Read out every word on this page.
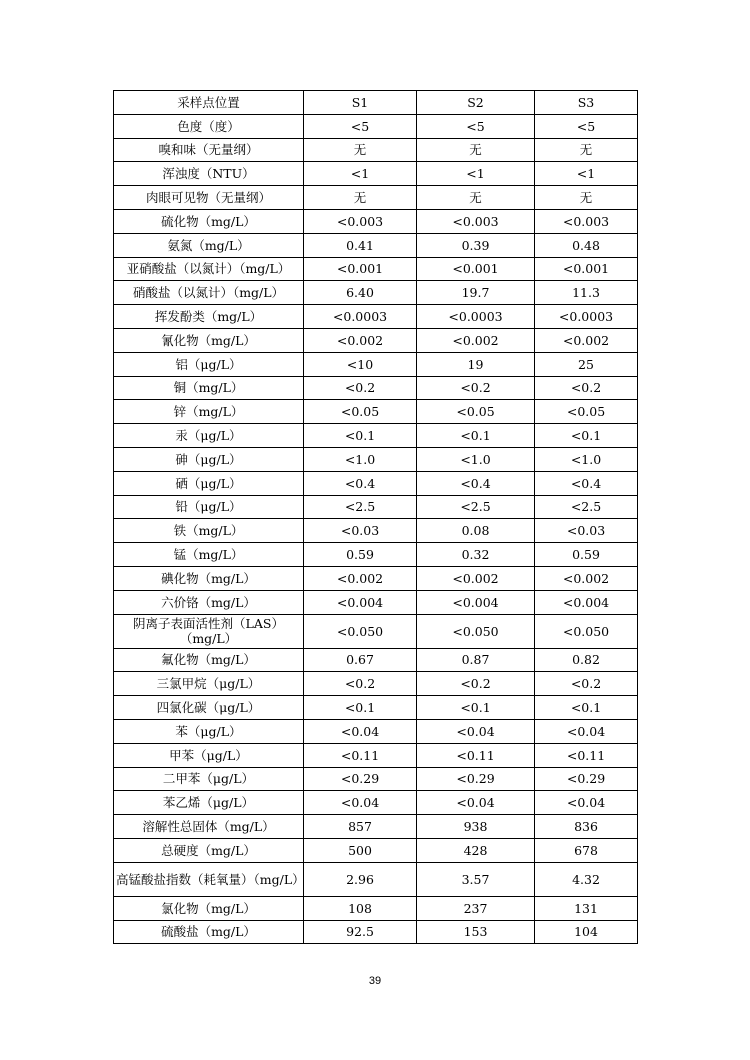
采样点位置	S1	S2	S3
色度（度）	<5	<5	<5
嗅和味（无量纲）	无	无	无
浑浊度（NTU）	<1	<1	<1
肉眼可见物（无量纲）	无	无	无
硫化物（mg/L）	<0.003	<0.003	<0.003
氨氮（mg/L）	0.41	0.39	0.48
亚硝酸盐（以氮计）（mg/L）	<0.001	<0.001	<0.001
硝酸盐（以氮计）（mg/L）	6.40	19.7	11.3
挥发酚类（mg/L）	<0.0003	<0.0003	<0.0003
氰化物（mg/L）	<0.002	<0.002	<0.002
铝（μg/L）	<10	19	25
铜（mg/L）	<0.2	<0.2	<0.2
锌（mg/L）	<0.05	<0.05	<0.05
汞（μg/L）	<0.1	<0.1	<0.1
砷（μg/L）	<1.0	<1.0	<1.0
硒（μg/L）	<0.4	<0.4	<0.4
铅（μg/L）	<2.5	<2.5	<2.5
铁（mg/L）	<0.03	0.08	<0.03
锰（mg/L）	0.59	0.32	0.59
碘化物（mg/L）	<0.002	<0.002	<0.002
六价铬（mg/L）	<0.004	<0.004	<0.004
阴离子表面活性剂（LAS）（mg/L）	<0.050	<0.050	<0.050
氟化物（mg/L）	0.67	0.87	0.82
三氯甲烷（μg/L）	<0.2	<0.2	<0.2
四氯化碳（μg/L）	<0.1	<0.1	<0.1
苯（μg/L）	<0.04	<0.04	<0.04
甲苯（μg/L）	<0.11	<0.11	<0.11
二甲苯（μg/L）	<0.29	<0.29	<0.29
苯乙烯（μg/L）	<0.04	<0.04	<0.04
溶解性总固体（mg/L）	857	938	836
总硬度（mg/L）	500	428	678
高锰酸盐指数（耗氧量）（mg/L）	2.96	3.57	4.32
氯化物（mg/L）	108	237	131
硫酸盐（mg/L）	92.5	153	104
39
